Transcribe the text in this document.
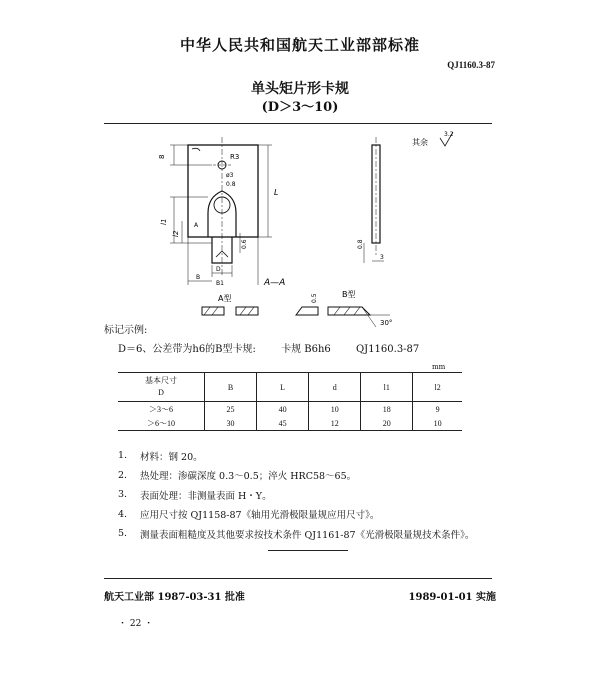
中华人民共和国航天工业部部标准
QJ1160.3-87
单头矩片形卡规
(D＞3～10)
8	R3
ø3
0.8
L
l1
l2
A
0.6
D
B1
B
0.8
3
其余
3.2
A—A
A型	B型
0.5
30°
标记示例:
D＝6、公差带为h6的B型卡规:	卡规 B6h6	QJ1160.3-87
mm
基本尺寸
D	B	L	d	l1	l2
＞3～6	25	40	10	18	9
＞6～10	30	45	12	20	10
1.	材料：钢 20。
2.	热处理：渗碳深度 0.3～0.5；淬火 HRC58～65。
3.	表面处理：非测量表面 H・Y。
4.	应用尺寸按 QJ1158-87《轴用光滑极限量规应用尺寸》。
5.	测量表面粗糙度及其他要求按技术条件 QJ1161-87《光滑极限量规技术条件》。
航天工业部 1987-03-31 批准	1989-01-01 实施
・ 22 ・
